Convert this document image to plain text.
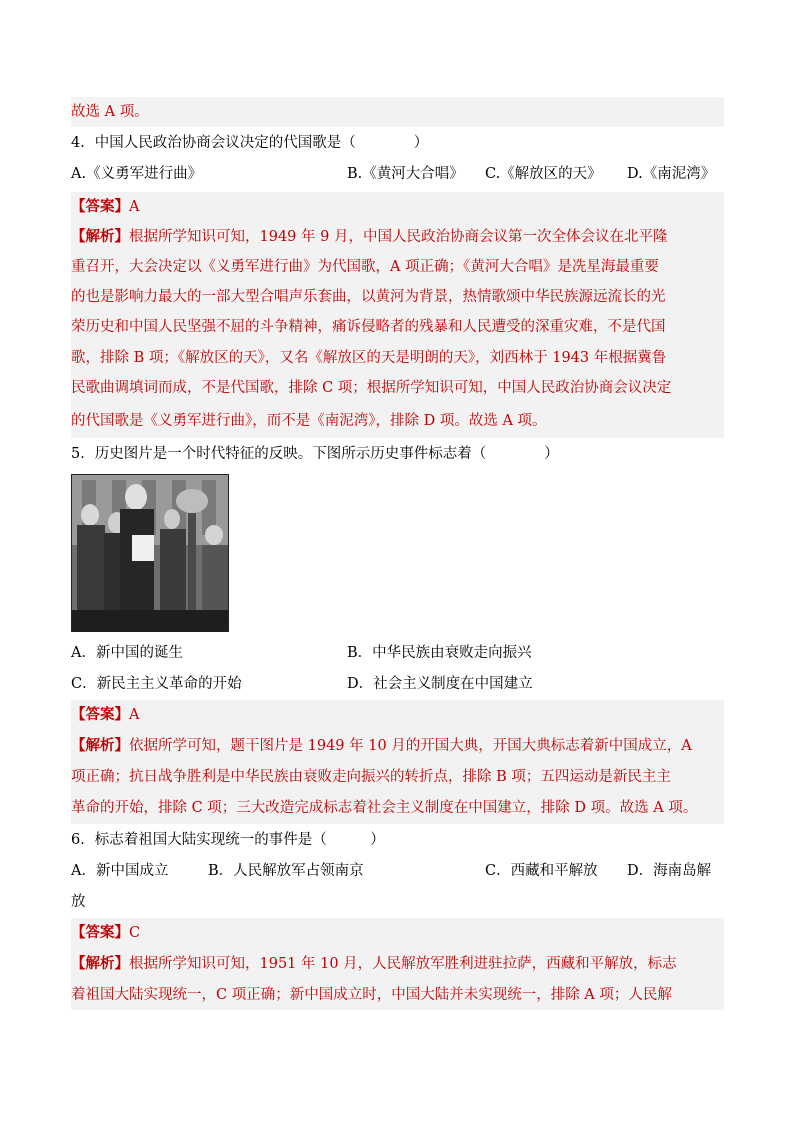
故选 A 项。
4．中国人民政治协商会议决定的代国歌是（　　　　）
A.《义勇军进行曲》	B.《黄河大合唱》 C.《解放区的天》 D.《南泥湾》
【答案】A
【解析】根据所学知识可知，1949 年 9 月，中国人民政治协商会议第一次全体会议在北平隆
重召开，大会决定以《义勇军进行曲》为代国歌，A 项正确；《黄河大合唱》是冼星海最重要
的也是影响力最大的一部大型合唱声乐套曲，以黄河为背景，热情歌颂中华民族源远流长的光
荣历史和中国人民坚强不屈的斗争精神，痛诉侵略者的残暴和人民遭受的深重灾难，不是代国
歌，排除 B 项；《解放区的天》，又名《解放区的天是明朗的天》，刘西林于 1943 年根据冀鲁
民歌曲调填词而成，不是代国歌，排除 C 项；根据所学知识可知，中国人民政治协商会议决定
的代国歌是《义勇军进行曲》，而不是《南泥湾》，排除 D 项。故选 A 项。
5．历史图片是一个时代特征的反映。下图所示历史事件标志着（　　　　）
A．新中国的诞生	B．中华民族由衰败走向振兴
C．新民主主义革命的开始	D．社会主义制度在中国建立
【答案】A
【解析】依据所学可知，题干图片是 1949 年 10 月的开国大典，开国大典标志着新中国成立，A
项正确；抗日战争胜利是中华民族由衰败走向振兴的转折点，排除 B 项；五四运动是新民主主
革命的开始，排除 C 项；三大改造完成标志着社会主义制度在中国建立，排除 D 项。故选 A 项。
6．标志着祖国大陆实现统一的事件是（　　　）
A．新中国成立	B．人民解放军占领南京	C．西藏和平解放 D．海南岛解
放
【答案】C
【解析】根据所学知识可知，1951 年 10 月，人民解放军胜利进驻拉萨，西藏和平解放，标志
着祖国大陆实现统一，C 项正确；新中国成立时，中国大陆并未实现统一，排除 A 项；人民解
